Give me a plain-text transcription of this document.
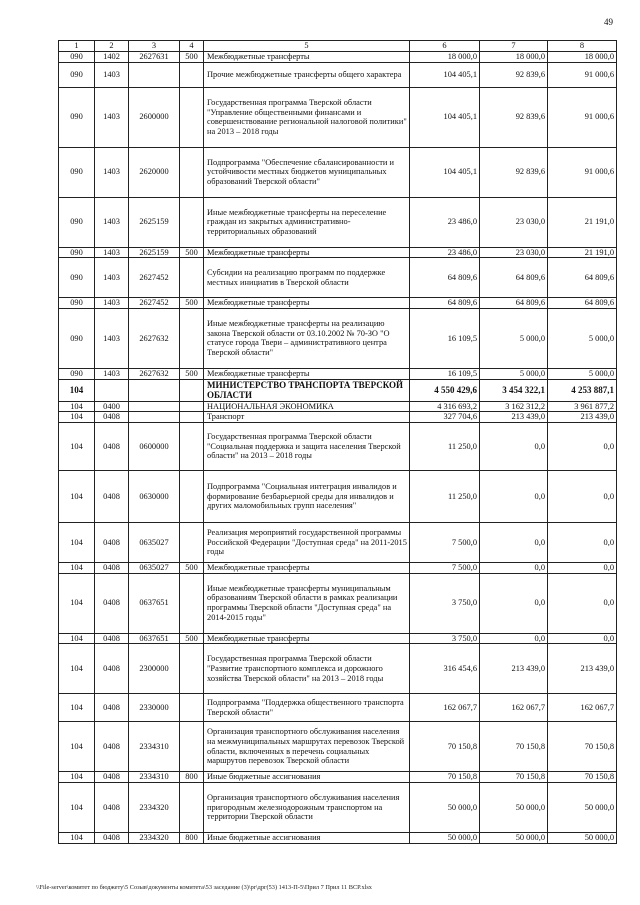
49
1	2	3	4	5	6	7	8
090	1402	2627631	500	Межбюджетные трансферты	18 000,0	18 000,0	18 000,0
090	1403			Прочие межбюджетные трансферты общего характера	104 405,1	92 839,6	91 000,6
090	1403	2600000		Государственная программа Тверской области "Управление общественными финансами и совершенствование региональной налоговой политики" на 2013 – 2018 годы	104 405,1	92 839,6	91 000,6
090	1403	2620000		Подпрограмма "Обеспечение сбалансированности и устойчивости местных бюджетов муниципальных образований Тверской области"	104 405,1	92 839,6	91 000,6
090	1403	2625159		Иные межбюджетные трансферты на переселение граждан из закрытых административно-территориальных образований	23 486,0	23 030,0	21 191,0
090	1403	2625159	500	Межбюджетные трансферты	23 486,0	23 030,0	21 191,0
090	1403	2627452		Субсидии на реализацию программ по поддержке местных инициатив в Тверской области	64 809,6	64 809,6	64 809,6
090	1403	2627452	500	Межбюджетные трансферты	64 809,6	64 809,6	64 809,6
090	1403	2627632		Иные межбюджетные трансферты на реализацию закона Тверской области от 03.10.2002 № 70-ЗО "О статусе города Твери – административного центра Тверской области"	16 109,5	5 000,0	5 000,0
090	1403	2627632	500	Межбюджетные трансферты	16 109,5	5 000,0	5 000,0
104				МИНИСТЕРСТВО ТРАНСПОРТА ТВЕРСКОЙ ОБЛАСТИ	4 550 429,6	3 454 322,1	4 253 887,1
104	0400			НАЦИОНАЛЬНАЯ ЭКОНОМИКА	4 316 693,2	3 162 312,2	3 961 877,2
104	0408			Транспорт	327 704,6	213 439,0	213 439,0
104	0408	0600000		Государственная программа Тверской области "Социальная поддержка и защита населения Тверской области" на 2013 – 2018 годы	11 250,0	0,0	0,0
104	0408	0630000		Подпрограмма "Социальная интеграция инвалидов и формирование безбарьерной среды для инвалидов и других маломобильных групп населения"	11 250,0	0,0	0,0
104	0408	0635027		Реализация мероприятий государственной программы Российской Федерации "Доступная среда" на 2011-2015 годы	7 500,0	0,0	0,0
104	0408	0635027	500	Межбюджетные трансферты	7 500,0	0,0	0,0
104	0408	0637651		Иные межбюджетные трансферты муниципальным образованиям Тверской области в рамках реализации программы Тверской области "Доступная среда" на 2014-2015 годы"	3 750,0	0,0	0,0
104	0408	0637651	500	Межбюджетные трансферты	3 750,0	0,0	0,0
104	0408	2300000		Государственная программа Тверской области "Развитие транспортного комплекса и дорожного хозяйства Тверской области" на 2013 – 2018 годы	316 454,6	213 439,0	213 439,0
104	0408	2330000		Подпрограмма "Поддержка общественного транспорта Тверской области"	162 067,7	162 067,7	162 067,7
104	0408	2334310		Организация транспортного обслуживания населения на межмуниципальных маршрутах перевозок Тверской области, включенных в перечень социальных маршрутов перевозок Тверской области	70 150,8	70 150,8	70 150,8
104	0408	2334310	800	Иные бюджетные ассигнования	70 150,8	70 150,8	70 150,8
104	0408	2334320		Организация транспортного обслуживания населения пригородным железнодорожным транспортом на территории Тверской области	50 000,0	50 000,0	50 000,0
104	0408	2334320	800	Иные бюджетные ассигнования	50 000,0	50 000,0	50 000,0
\\File-server\комитет по бюджету\5 Созыв\документы комитета\53 заседание (3)\pr\дрг(53) 1413-П-5\Прил 7 Прил 11 ВСР.xlsx
